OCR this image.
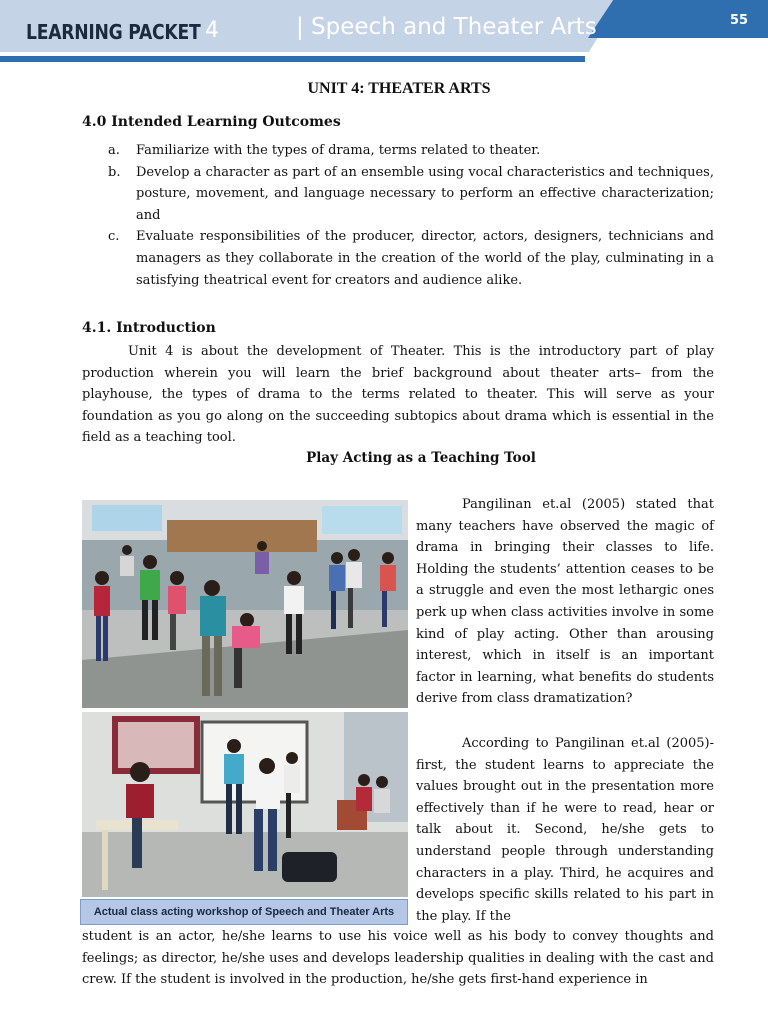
LEARNING PACKET 4	| Speech and Theater Arts	55
UNIT 4: THEATER ARTS
4.0 Intended Learning Outcomes
a. Familiarize with the types of drama, terms related to theater.
b. Develop a character as part of an ensemble using vocal characteristics and techniques, posture, movement, and language necessary to perform an effective characterization; and
c. Evaluate responsibilities of the producer, director, actors, designers, technicians and managers as they collaborate in the creation of the world of the play, culminating in a satisfying theatrical event for creators and audience alike.
4.1. Introduction

Unit 4 is about the development of Theater. This is the introductory part of play production wherein you will learn the brief background about theater arts– from the playhouse, the types of drama to the terms related to theater. This will serve as your foundation as you go along on the succeeding subtopics about drama which is essential in the field as a teaching tool.

Play Acting as a Teaching Tool
Actual class acting workshop of Speech and Theater Arts

Pangilinan et.al (2005) stated that many teachers have observed the magic of drama in bringing their classes to life. Holding the students’ attention ceases to be a struggle and even the most lethargic ones perk up when class activities involve in some kind of play acting. Other than arousing interest, which in itself is an important factor in learning, what benefits do students derive from class dramatization?

According to Pangilinan et.al (2005)- first, the student learns to appreciate the values brought out in the presentation more effectively than if he were to read, hear or talk about it. Second, he/she gets to understand people through understanding characters in a play. Third, he acquires and develops specific skills related to his part in the play. If the

student is an actor, he/she learns to use his voice well as his body to convey thoughts and feelings; as director, he/she uses and develops leadership qualities in dealing with the cast and crew. If the student is involved in the production, he/she gets first-hand experience in
